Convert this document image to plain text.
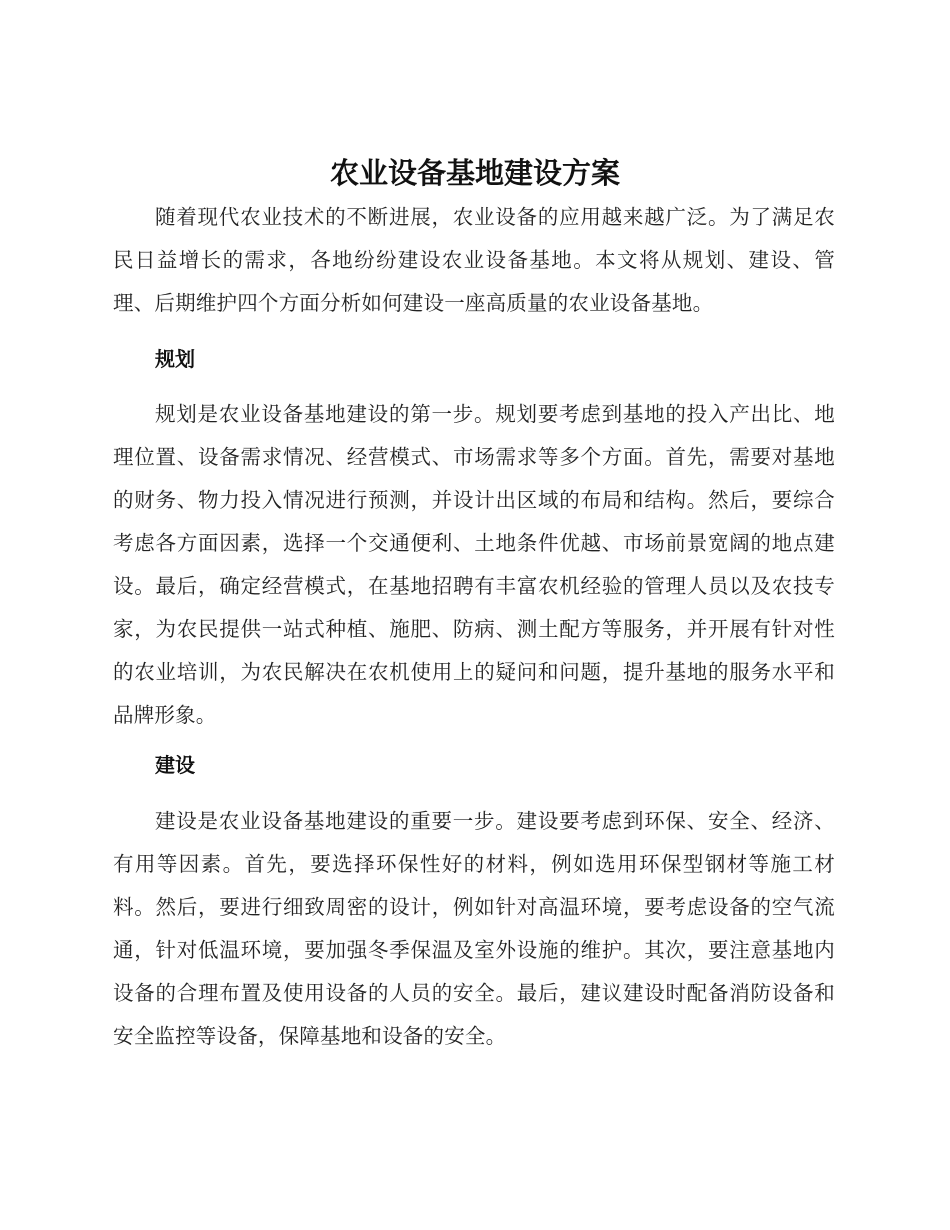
农业设备基地建设方案

随着现代农业技术的不断进展，农业设备的应用越来越广泛。为了满足农民日益增长的需求，各地纷纷建设农业设备基地。本文将从规划、建设、管理、后期维护四个方面分析如何建设一座高质量的农业设备基地。

规划

规划是农业设备基地建设的第一步。规划要考虑到基地的投入产出比、地理位置、设备需求情况、经营模式、市场需求等多个方面。首先，需要对基地的财务、物力投入情况进行预测，并设计出区域的布局和结构。然后，要综合考虑各方面因素，选择一个交通便利、土地条件优越、市场前景宽阔的地点建设。最后，确定经营模式，在基地招聘有丰富农机经验的管理人员以及农技专家，为农民提供一站式种植、施肥、防病、测土配方等服务，并开展有针对性的农业培训，为农民解决在农机使用上的疑问和问题，提升基地的服务水平和品牌形象。

建设

建设是农业设备基地建设的重要一步。建设要考虑到环保、安全、经济、有用等因素。首先，要选择环保性好的材料，例如选用环保型钢材等施工材料。然后，要进行细致周密的设计，例如针对高温环境，要考虑设备的空气流通，针对低温环境，要加强冬季保温及室外设施的维护。其次，要注意基地内设备的合理布置及使用设备的人员的安全。最后，建议建设时配备消防设备和安全监控等设备，保障基地和设备的安全。
